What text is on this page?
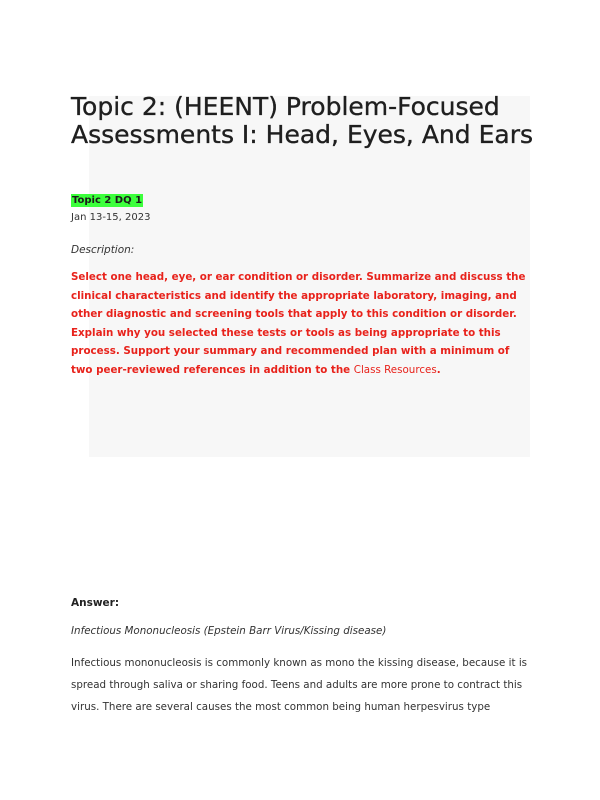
Topic 2: (HEENT) Problem-Focused Assessments I: Head, Eyes, And Ears
Topic 2 DQ 1
Jan 13-15, 2023
Description:

Select one head, eye, or ear condition or disorder. Summarize and discuss the clinical characteristics and identify the appropriate laboratory, imaging, and other diagnostic and screening tools that apply to this condition or disorder. Explain why you selected these tests or tools as being appropriate to this process. Support your summary and recommended plan with a minimum of two peer-reviewed references in addition to the Class Resources.

Answer:
Infectious Mononucleosis (Epstein Barr Virus/Kissing disease)

Infectious mononucleosis is commonly known as mono the kissing disease, because it is spread through saliva or sharing food. Teens and adults are more prone to contract this virus. There are several causes the most common being human herpesvirus type
